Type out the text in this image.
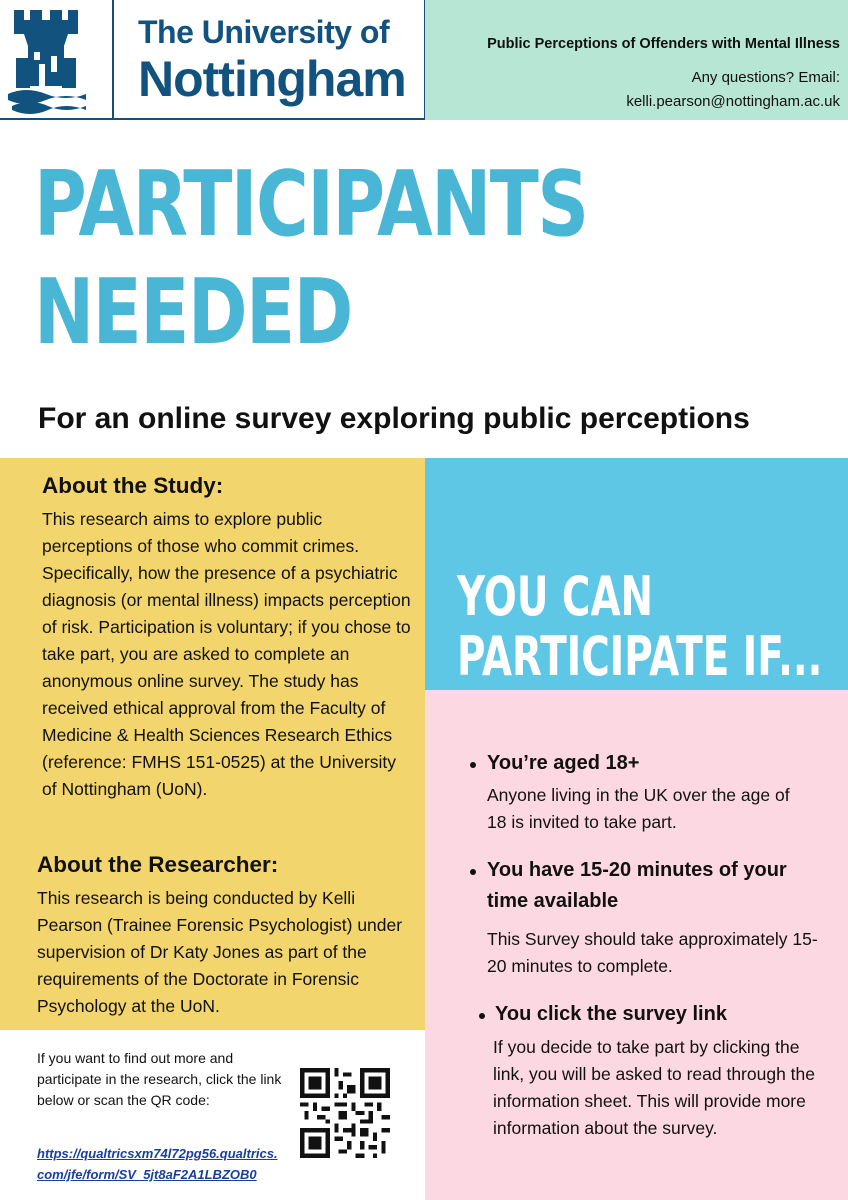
The University of
Nottingham
Public Perceptions of Offenders with Mental Illness
Any questions? Email:
kelli.pearson@nottingham.ac.uk
PARTICIPANTS
NEEDED
For an online survey exploring public perceptions
About the Study:
This research aims to explore public perceptions of those who commit crimes. Specifically, how the presence of a psychiatric diagnosis (or mental illness) impacts perception of risk. Participation is voluntary; if you chose to take part, you are asked to complete an anonymous online survey. The study has received ethical approval from the Faculty of Medicine & Health Sciences Research Ethics (reference: FMHS 151-0525) at the University of Nottingham (UoN).
About the Researcher:
This research is being conducted by Kelli Pearson (Trainee Forensic Psychologist) under supervision of Dr Katy Jones as part of the requirements of the Doctorate in Forensic Psychology at the UoN.
YOU CAN
PARTICIPATE IF...
You’re aged 18+
Anyone living in the UK over the age of 18 is invited to take part.
You have 15-20 minutes of your time available
This Survey should take approximately 15-20 minutes to complete.
You click the survey link
If you decide to take part by clicking the link, you will be asked to read through the information sheet. This will provide more information about the survey.
If you want to find out more and participate in the research, click the link below or scan the QR code:
https://qualtricsxm74l72pg56.qualtrics.com/jfe/form/SV_5jt8aF2A1LBZOB0
